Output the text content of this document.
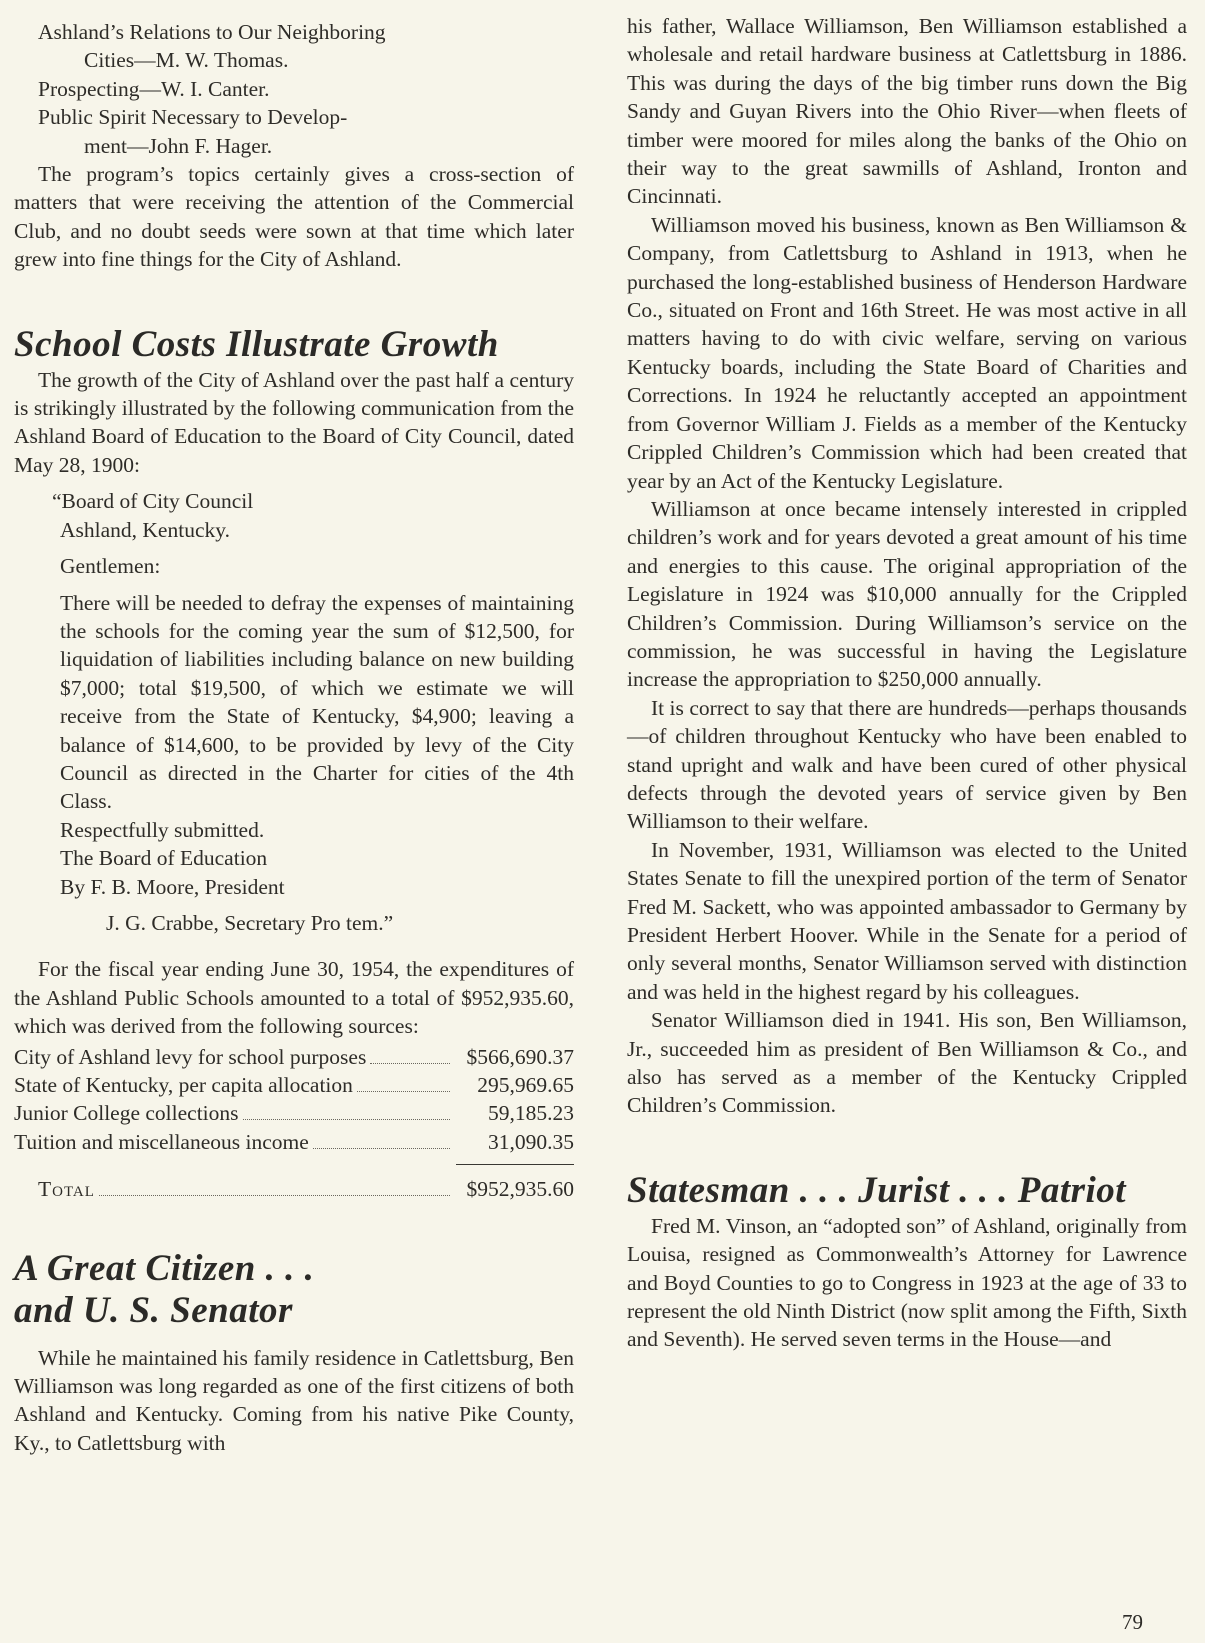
Ashland’s Relations to Our Neighboring
Cities—M. W. Thomas.
Prospecting—W. I. Canter.
Public Spirit Necessary to Develop-
ment—John F. Hager.

The program’s topics certainly gives a cross-section of matters that were receiving the attention of the Commercial Club, and no doubt seeds were sown at that time which later grew into fine things for the City of Ashland.

School Costs Illustrate Growth

The growth of the City of Ashland over the past half a century is strikingly illustrated by the following communication from the Ashland Board of Education to the Board of City Council, dated May 28, 1900:

“Board of City Council
Ashland, Kentucky.
Gentlemen:

There will be needed to defray the expenses of maintaining the schools for the coming year the sum of $12,500, for liquidation of liabilities including balance on new building $7,000; total $19,500, of which we estimate we will receive from the State of Kentucky, $4,900; leaving a balance of $14,600, to be provided by levy of the City Council as directed in the Charter for cities of the 4th Class.

Respectfully submitted.
The Board of Education
By F. B. Moore, President
J. G. Crabbe, Secretary Pro tem.”

For the fiscal year ending June 30, 1954, the expenditures of the Ashland Public Schools amounted to a total of $952,935.60, which was derived from the following sources:

City of Ashland levy for school purposes	$566,690.37
State of Kentucky, per capita allocation	295,969.65
Junior College collections	59,185.23
Tuition and miscellaneous income	31,090.35
Total	$952,935.60
A Great Citizen . . .
and U. S. Senator

While he maintained his family residence in Catlettsburg, Ben Williamson was long regarded as one of the first citizens of both Ashland and Kentucky. Coming from his native Pike County, Ky., to Catlettsburg with

his father, Wallace Williamson, Ben Williamson established a wholesale and retail hardware business at Catlettsburg in 1886. This was during the days of the big timber runs down the Big Sandy and Guyan Rivers into the Ohio River—when fleets of timber were moored for miles along the banks of the Ohio on their way to the great sawmills of Ashland, Ironton and Cincinnati.

Williamson moved his business, known as Ben Williamson & Company, from Catlettsburg to Ashland in 1913, when he purchased the long-established business of Henderson Hardware Co., situated on Front and 16th Street. He was most active in all matters having to do with civic welfare, serving on various Kentucky boards, including the State Board of Charities and Corrections. In 1924 he reluctantly accepted an appointment from Governor William J. Fields as a member of the Kentucky Crippled Children’s Commission which had been created that year by an Act of the Kentucky Legislature.

Williamson at once became intensely interested in crippled children’s work and for years devoted a great amount of his time and energies to this cause. The original appropriation of the Legislature in 1924 was $10,000 annually for the Crippled Children’s Commission. During Williamson’s service on the commission, he was successful in having the Legislature increase the appropriation to $250,000 annually.

It is correct to say that there are hundreds—perhaps thousands—of children throughout Kentucky who have been enabled to stand upright and walk and have been cured of other physical defects through the devoted years of service given by Ben Williamson to their welfare.

In November, 1931, Williamson was elected to the United States Senate to fill the unexpired portion of the term of Senator Fred M. Sackett, who was appointed ambassador to Germany by President Herbert Hoover. While in the Senate for a period of only several months, Senator Williamson served with distinction and was held in the highest regard by his colleagues.

Senator Williamson died in 1941. His son, Ben Williamson, Jr., succeeded him as president of Ben Williamson & Co., and also has served as a member of the Kentucky Crippled Children’s Commission.

Statesman . . . Jurist . . . Patriot

Fred M. Vinson, an “adopted son” of Ashland, originally from Louisa, resigned as Commonwealth’s Attorney for Lawrence and Boyd Counties to go to Congress in 1923 at the age of 33 to represent the old Ninth District (now split among the Fifth, Sixth and Seventh). He served seven terms in the House—and

79
